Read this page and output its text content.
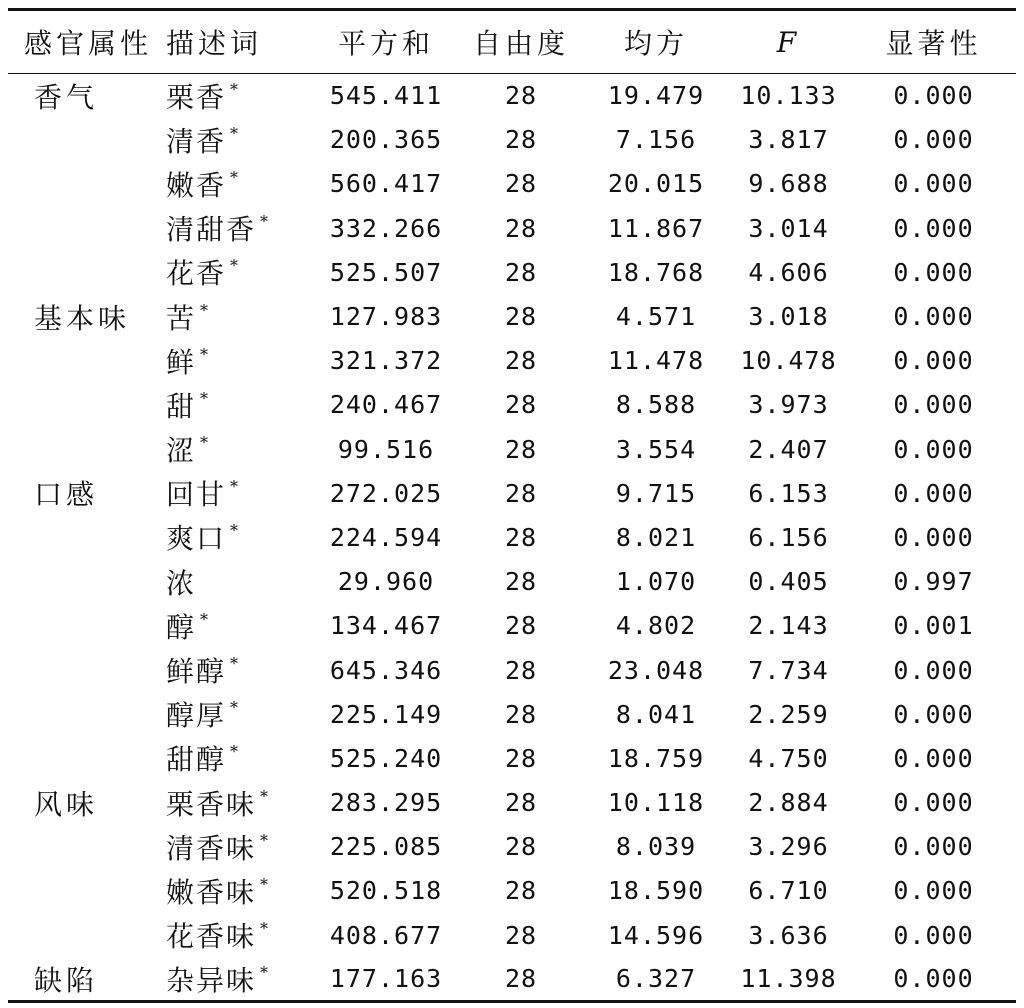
感官属性	描述词	平方和	自由度	均方	F	显著性
香气	栗香 *	545.411	28	19.479	10.133	0.000
	清香 *	200.365	28	7.156	3.817	0.000
	嫩香 *	560.417	28	20.015	9.688	0.000
	清甜香 *	332.266	28	11.867	3.014	0.000
	花香 *	525.507	28	18.768	4.606	0.000
基本味	苦 *	127.983	28	4.571	3.018	0.000
	鲜 *	321.372	28	11.478	10.478	0.000
	甜 *	240.467	28	8.588	3.973	0.000
	涩 *	99.516	28	3.554	2.407	0.000
口感	回甘 *	272.025	28	9.715	6.153	0.000
	爽口 *	224.594	28	8.021	6.156	0.000
	浓	29.960	28	1.070	0.405	0.997
	醇 *	134.467	28	4.802	2.143	0.001
	鲜醇 *	645.346	28	23.048	7.734	0.000
	醇厚 *	225.149	28	8.041	2.259	0.000
	甜醇 *	525.240	28	18.759	4.750	0.000
风味	栗香味 *	283.295	28	10.118	2.884	0.000
	清香味 *	225.085	28	8.039	3.296	0.000
	嫩香味 *	520.518	28	18.590	6.710	0.000
	花香味 *	408.677	28	14.596	3.636	0.000
缺陷	杂异味 *	177.163	28	6.327	11.398	0.000
